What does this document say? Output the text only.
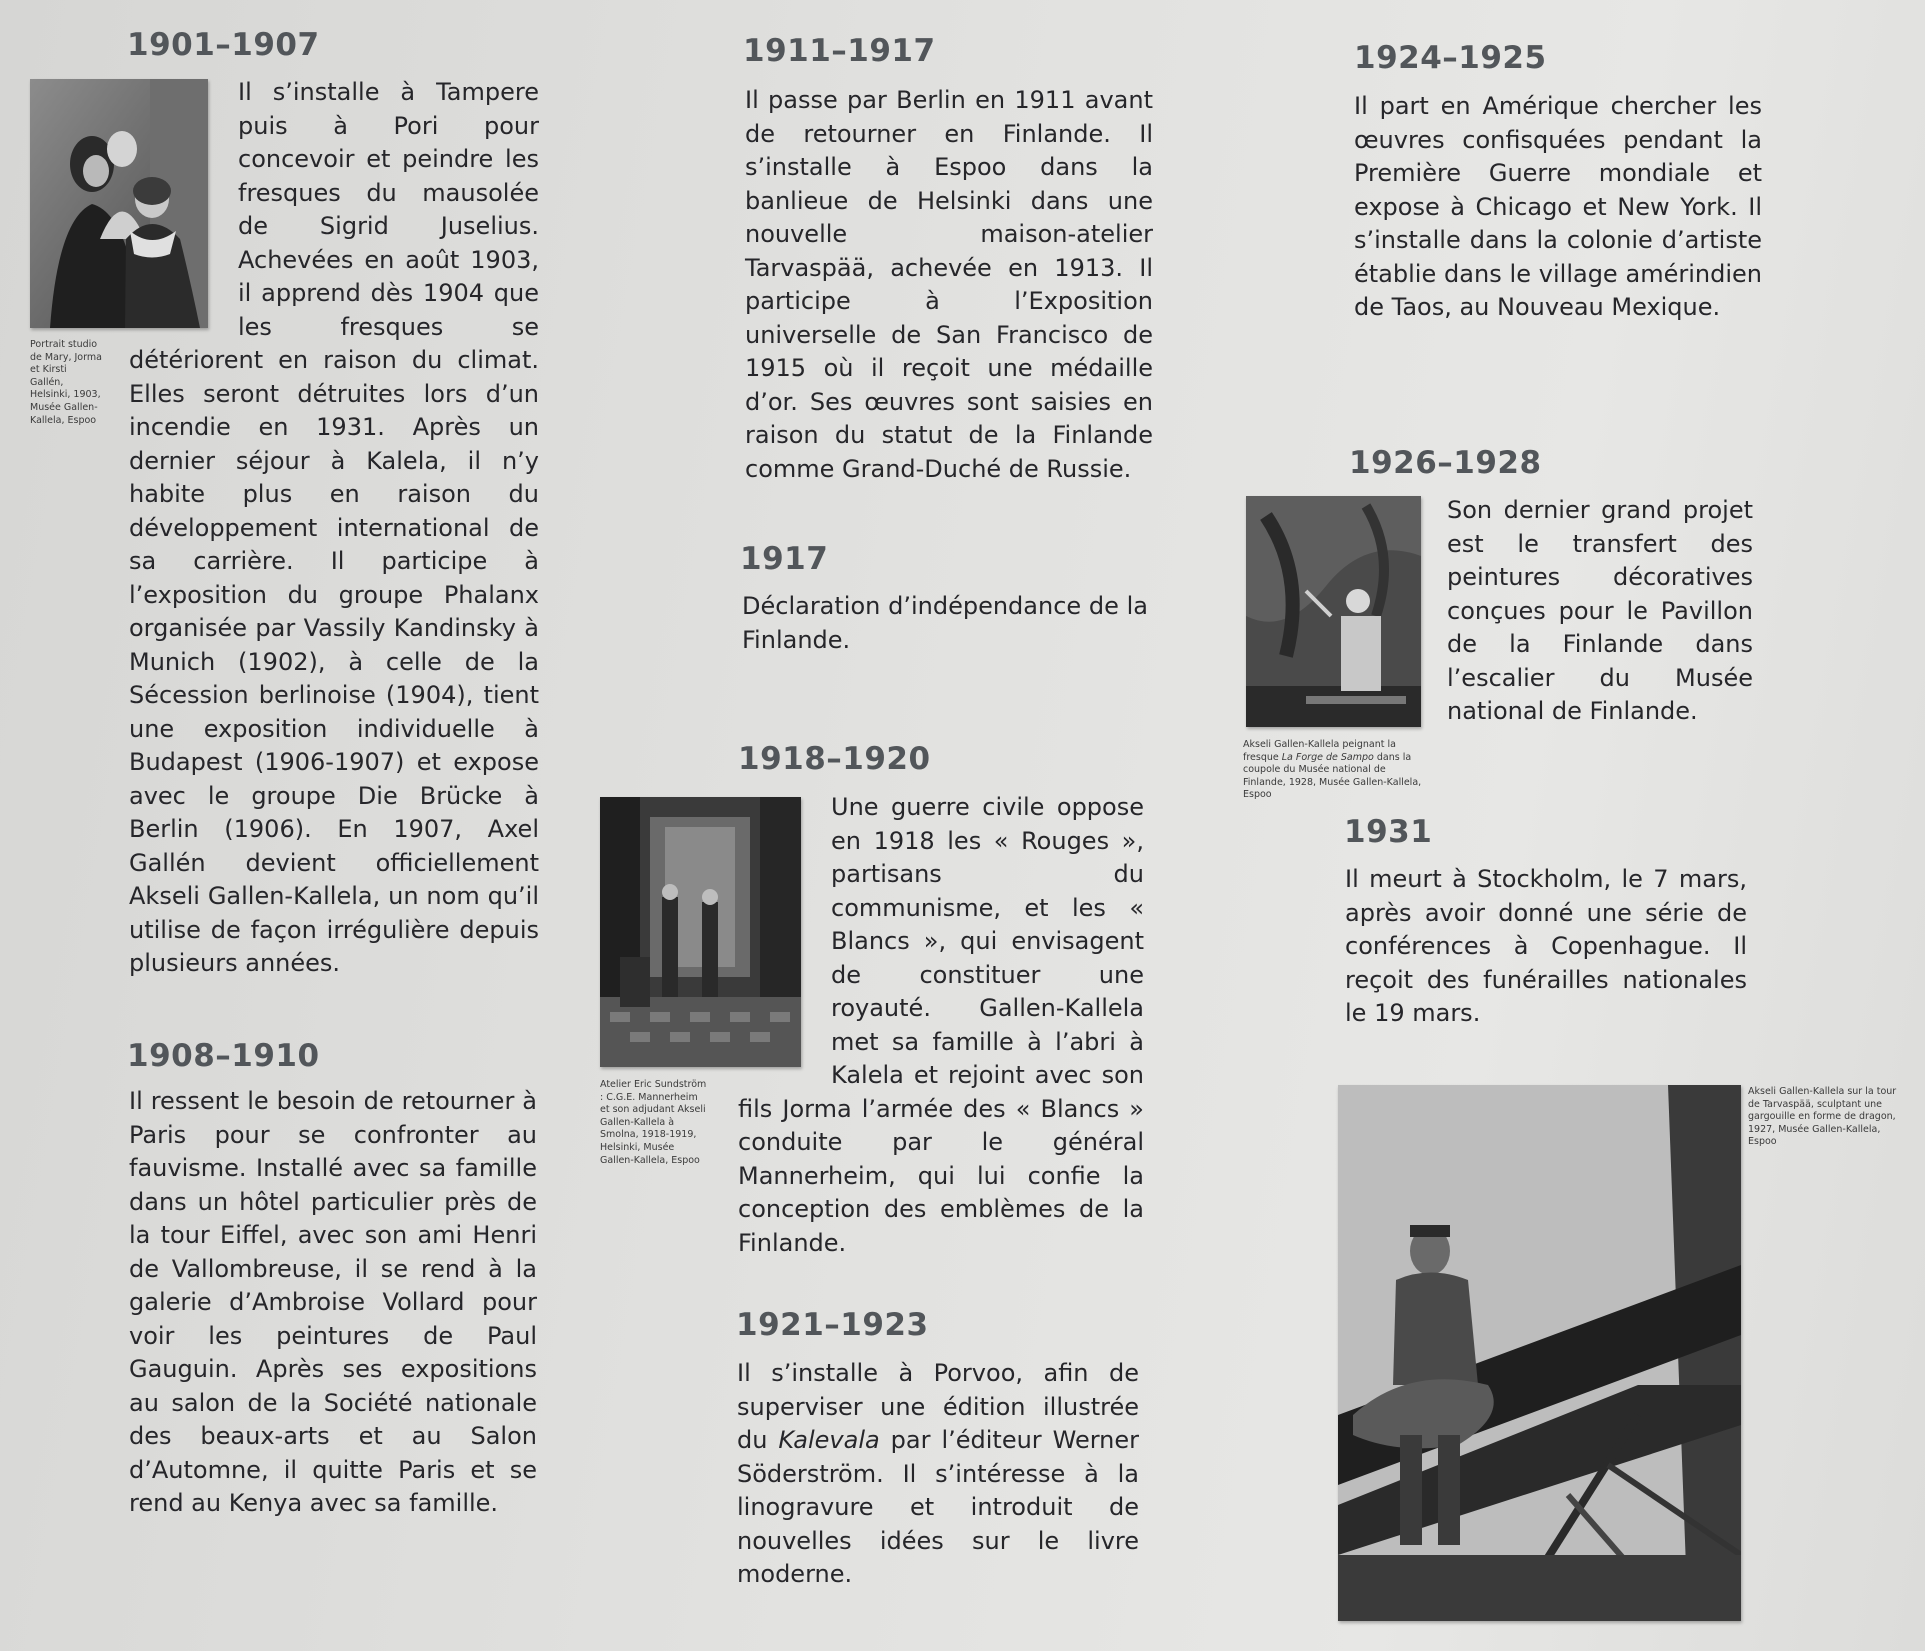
1901–1907
Portrait studio de Mary, Jorma et Kirsti Gallén, Helsinki, 1903, Musée Gallen-Kallela, Espoo
Il s’installe à Tampere puis à Pori pour concevoir et peindre les fresques du mausolée de Sigrid Juselius. Achevées en août 1903, il apprend dès 1904 que les fresques se détériorent en raison du climat. Elles seront détruites lors d’un incendie en 1931. Après un dernier séjour à Kalela, il n’y habite plus en raison du développement international de sa carrière. Il participe à l’exposition du groupe Phalanx organisée par Vassily Kandinsky à Munich (1902), à celle de la Sécession berlinoise (1904), tient une exposition individuelle à Budapest (1906-1907) et expose avec le groupe Die Brücke à Berlin (1906). En 1907, Axel Gallén devient officiellement Akseli Gallen-Kallela, un nom qu’il utilise de façon irrégulière depuis plusieurs années.
1908–1910
Il ressent le besoin de retourner à Paris pour se confronter au fauvisme. Installé avec sa famille dans un hôtel particulier près de la tour Eiffel, avec son ami Henri de Vallombreuse, il se rend à la galerie d’Ambroise Vollard pour voir les peintures de Paul Gauguin. Après ses expositions au salon de la Société nationale des beaux-arts et au Salon d’Automne, il quitte Paris et se rend au Kenya avec sa famille.
1911–1917
Il passe par Berlin en 1911 avant de retourner en Finlande. Il s’installe à Espoo dans la banlieue de Helsinki dans une nouvelle maison-atelier Tarvaspää, achevée en 1913. Il participe à l’Exposition universelle de San Francisco de 1915 où il reçoit une médaille d’or. Ses œuvres sont saisies en raison du statut de la Finlande comme Grand-Duché de Russie.
1917
Déclaration d’indépendance de la Finlande.
1918–1920
Atelier Eric Sundström : C.G.E. Mannerheim et son adjudant Akseli Gallen-Kallela à Smolna, 1918-1919, Helsinki, Musée Gallen-Kallela, Espoo
Une guerre civile oppose en 1918 les « Rouges », partisans du communisme, et les « Blancs », qui envisagent de constituer une royauté. Gallen-Kallela met sa famille à l’abri à Kalela et rejoint avec son fils Jorma l’armée des « Blancs » conduite par le général Mannerheim, qui lui confie la conception des emblèmes de la Finlande.
1921–1923
Il s’installe à Porvoo, afin de superviser une édition illustrée du Kalevala par l’éditeur Werner Söderström. Il s’intéresse à la linogravure et introduit de nouvelles idées sur le livre moderne.
1924–1925
Il part en Amérique chercher les œuvres confisquées pendant la Première Guerre mondiale et expose à Chicago et New York. Il s’installe dans la colonie d’artiste établie dans le village amérindien de Taos, au Nouveau Mexique.
1926–1928
Akseli Gallen-Kallela peignant la fresque La Forge de Sampo dans la coupole du Musée national de Finlande, 1928, Musée Gallen-Kallela, Espoo
Son dernier grand projet est le transfert des peintures décoratives conçues pour le Pavillon de la Finlande dans l’escalier du Musée national de Finlande.
1931
Il meurt à Stockholm, le 7 mars, après avoir donné une série de conférences à Copenhague. Il reçoit des funérailles nationales le 19 mars.
Akseli Gallen-Kallela sur la tour de Tarvaspää, sculptant une gargouille en forme de dragon, 1927, Musée Gallen-Kallela, Espoo
